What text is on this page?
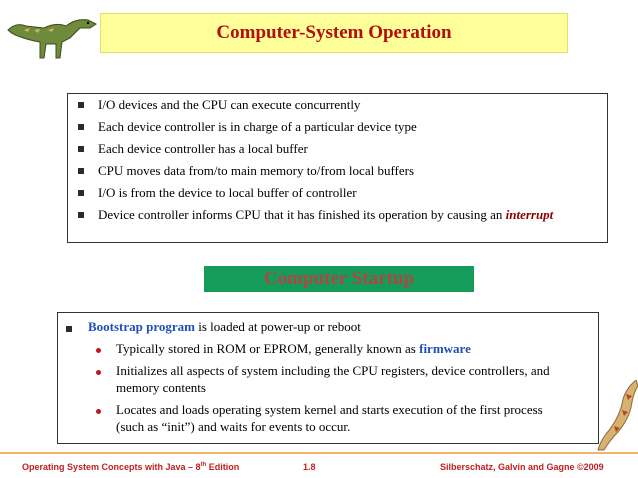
Computer-System Operation
I/O devices and the CPU can execute concurrently
Each device controller is in charge of a particular device type
Each device controller has a local buffer
CPU moves data from/to main memory to/from local buffers
I/O is from the device to local buffer of controller
Device controller informs CPU that it has finished its operation by causing an interrupt
Computer Startup
Bootstrap program is loaded at power-up or reboot
Typically stored in ROM or EPROM, generally known as firmware
Initializes all aspects of system including the CPU registers, device controllers, and
memory contents
Locates and loads operating system kernel and starts execution of the first process
(such as “init”) and waits for events to occur.
Operating System Concepts with Java – 8th Edition	1.8	Silberschatz, Galvin and Gagne ©2009
